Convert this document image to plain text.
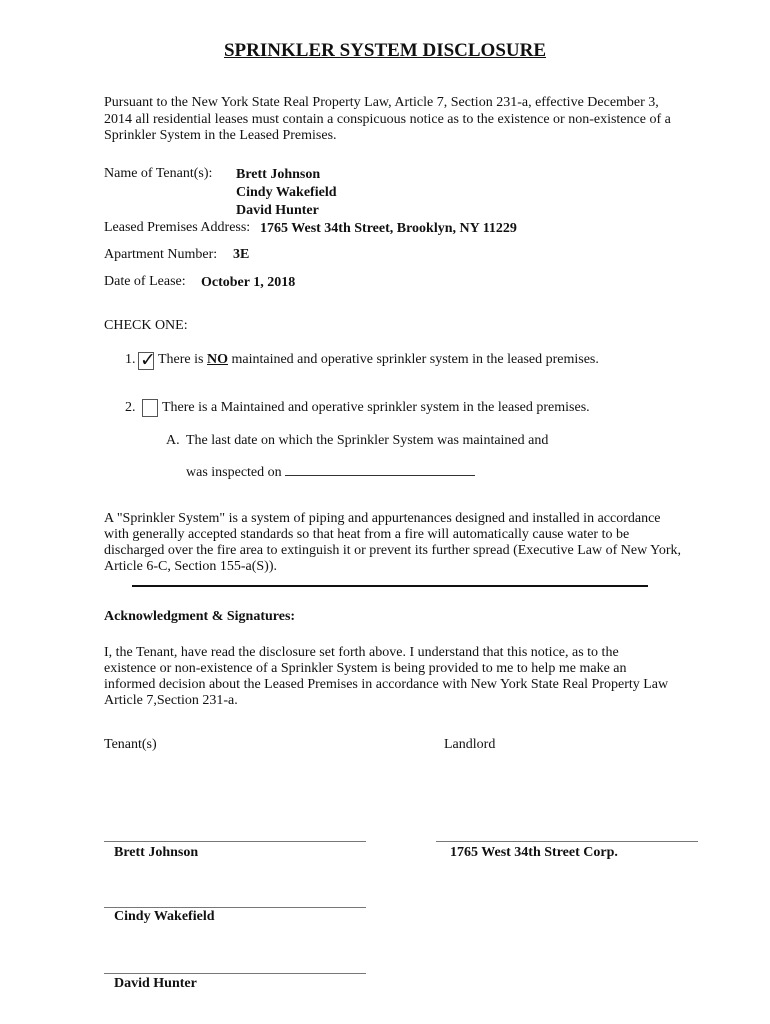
SPRINKLER SYSTEM DISCLOSURE
Pursuant to the New York State Real Property Law, Article 7, Section 231-a, effective December 3, 2014 all residential leases must contain a conspicuous notice as to the existence or non-existence of a Sprinkler System in the Leased Premises.
Name of Tenant(s): Brett Johnson
Cindy Wakefield
David Hunter
Leased Premises Address: 1765 West 34th Street, Brooklyn, NY 11229
Apartment Number: 3E
Date of Lease: October 1, 2018
CHECK ONE:
1. ✓ There is NO maintained and operative sprinkler system in the leased premises.
2. There is a Maintained and operative sprinkler system in the leased premises.
A. The last date on which the Sprinkler System was maintained and
was inspected on
A "Sprinkler System" is a system of piping and appurtenances designed and installed in accordance with generally accepted standards so that heat from a fire will automatically cause water to be discharged over the fire area to extinguish it or prevent its further spread (Executive Law of New York, Article 6-C, Section 155-a(S)).
Acknowledgment & Signatures:
I, the Tenant, have read the disclosure set forth above. I understand that this notice, as to the existence or non-existence of a Sprinkler System is being provided to me to help me make an informed decision about the Leased Premises in accordance with New York State Real Property Law Article 7,Section 231-a.
Tenant(s)	Landlord
Brett Johnson	1765 West 34th Street Corp.
Cindy Wakefield
David Hunter
